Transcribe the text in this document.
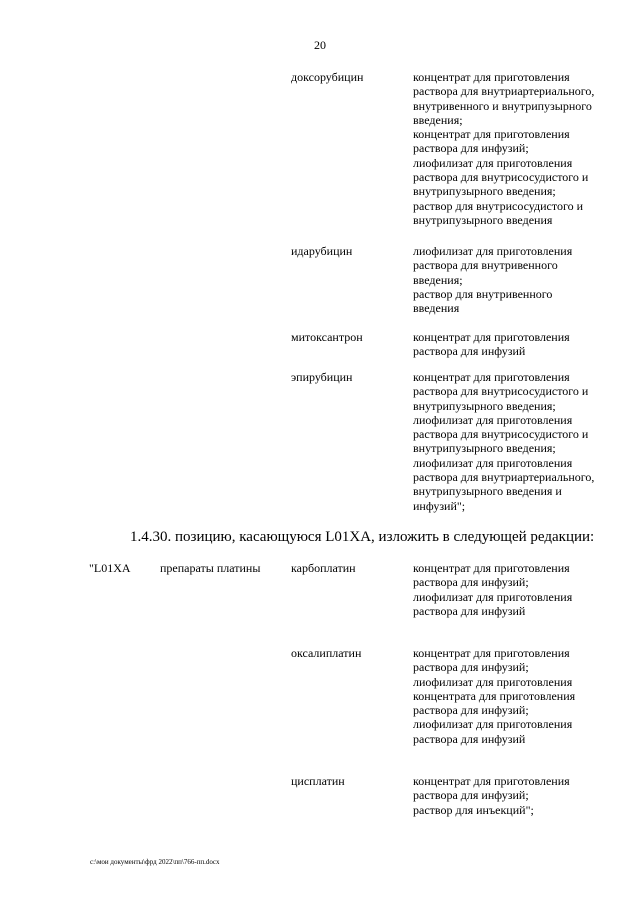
20
доксорубицин	концентрат для приготовления
раствора для внутриартериального,
внутривенного и внутрипузырного
введения;
концентрат для приготовления
раствора для инфузий;
лиофилизат для приготовления
раствора для внутрисосудистого и
внутрипузырного введения;
раствор для внутрисосудистого и
внутрипузырного введения
идарубицин	лиофилизат для приготовления
раствора для внутривенного
введения;
раствор для внутривенного
введения
митоксантрон	концентрат для приготовления
раствора для инфузий
эпирубицин	концентрат для приготовления
раствора для внутрисосудистого и
внутрипузырного введения;
лиофилизат для приготовления
раствора для внутрисосудистого и
внутрипузырного введения;
лиофилизат для приготовления
раствора для внутриартериального,
внутрипузырного введения и
инфузий";
1.4.30. позицию, касающуюся L01XA, изложить в следующей редакции:
"L01XA препараты платины	карбоплатин	концентрат для приготовления
раствора для инфузий;
лиофилизат для приготовления
раствора для инфузий
оксалиплатин	концентрат для приготовления
раствора для инфузий;
лиофилизат для приготовления
концентрата для приготовления
раствора для инфузий;
лиофилизат для приготовления
раствора для инфузий
цисплатин	концентрат для приготовления
раствора для инфузий;
раствор для инъекций";
c:\мои документы\фрд 2022\пп\766-пп.docx
